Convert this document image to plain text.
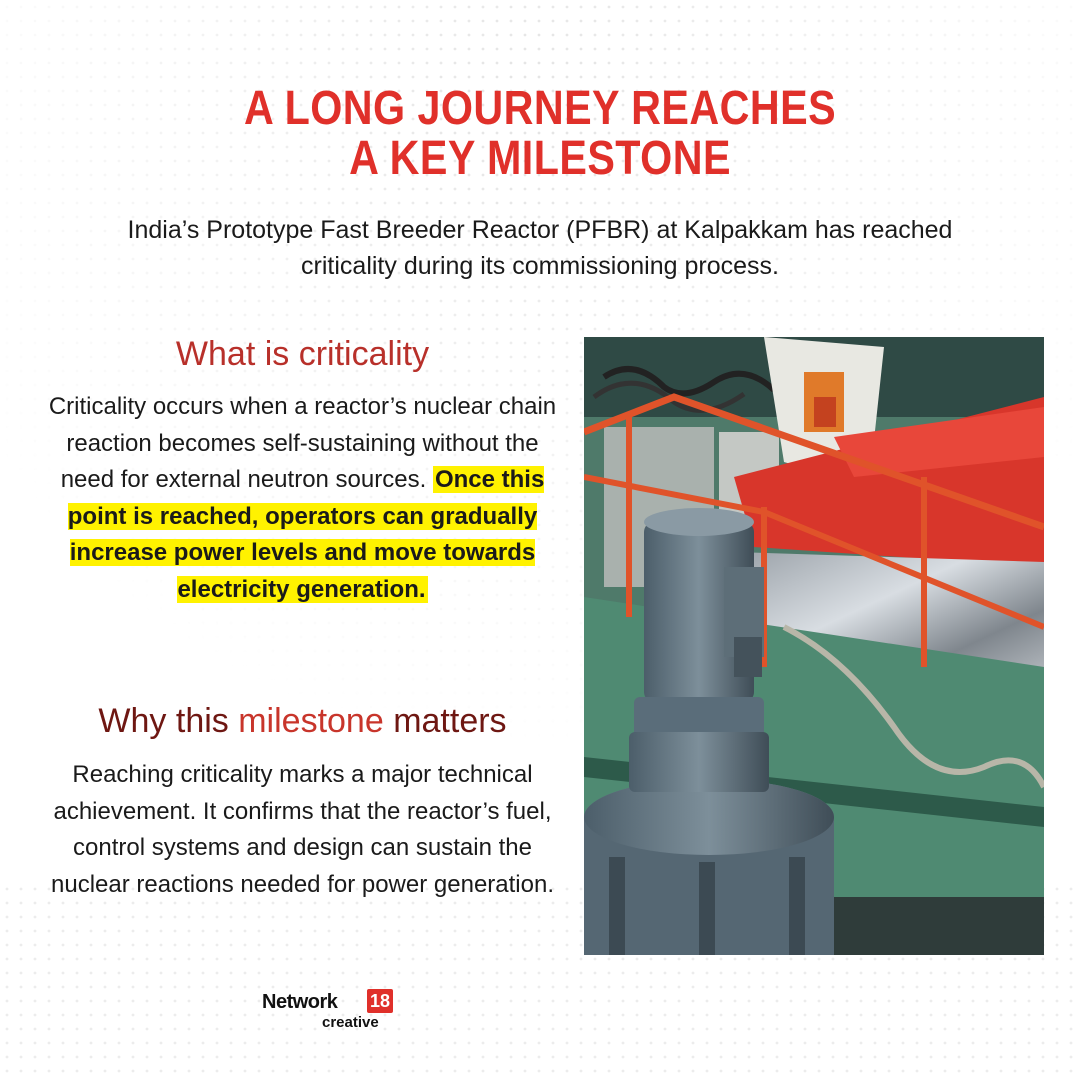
A LONG JOURNEY REACHES
A KEY MILESTONE
India’s Prototype Fast Breeder Reactor (PFBR) at Kalpakkam has reached criticality during its commissioning process.
What is criticality
Criticality occurs when a reactor’s nuclear chain reaction becomes self-sustaining without the need for external neutron sources. Once this point is reached, operators can gradually increase power levels and move towards electricity generation.
Why this milestone matters
Reaching criticality marks a major technical achievement. It confirms that the reactor’s fuel, control systems and design can sustain the nuclear reactions needed for power generation.
Network 18
creative
